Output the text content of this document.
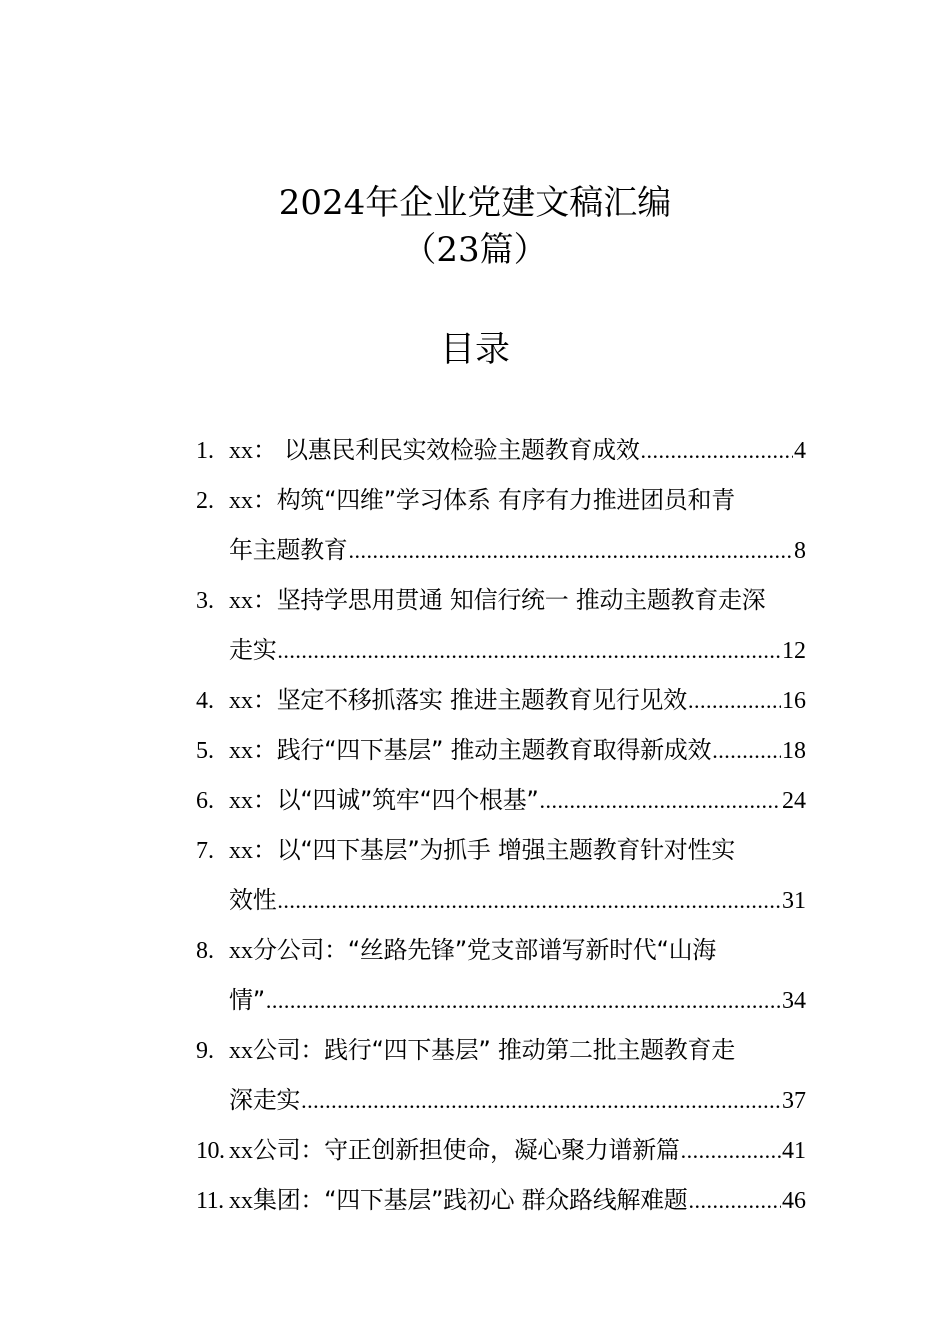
2024年企业党建文稿汇编
（23篇）
目录
1. xx ： 以惠民利民实效检验主题教育成效 .....	4
2. xx ：构筑“四维”学习体系 有序有力推进团员和青
年主题教育 .....	8
3. xx ：坚持学思用贯通 知信行统一 推动主题教育走深
走实 .....	12
4. xx ：坚定不移抓落实 推进主题教育见行见效 .....	16
5. xx ：践行“四下基层” 推动主题教育取得新成效 .....	18
6. xx ：以“四诚”筑牢“四个根基” .....	24
7. xx ：以“四下基层”为抓手 增强主题教育针对性实
效性 .....	31
8. xx 分公司：“丝路先锋”党支部谱写新时代“山海
情” .....	34
9. xx 公司：践行“四下基层” 推动第二批主题教育走
深走实 .....	37
10. xx 公司：守正创新担使命，凝心聚力谱新篇 .....	41
11. xx 集团：“四下基层”践初心 群众路线解难题 .....	46
